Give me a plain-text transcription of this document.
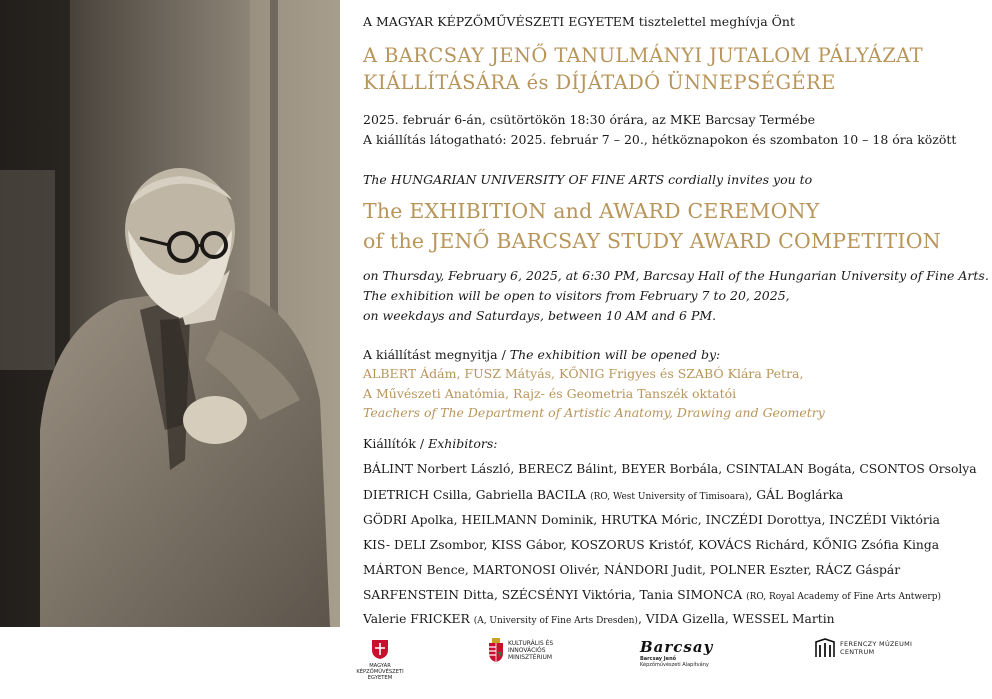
A MAGYAR KÉPZŐMŰVÉSZETI EGYETEM tisztelettel meghívja Önt
A BARCSAY JENŐ TANULMÁNYI JUTALOM PÁLYÁZAT
KIÁLLÍTÁSÁRA és DÍJÁTADÓ ÜNNEPSÉGÉRE
2025. február 6-án, csütörtökön 18:30 órára, az MKE Barcsay Termébe
A kiállítás látogatható: 2025. február 7 – 20., hétköznapokon és szombaton 10 – 18 óra között
The HUNGARIAN UNIVERSITY OF FINE ARTS cordially invites you to
The EXHIBITION and AWARD CEREMONY
of the JENŐ BARCSAY STUDY AWARD COMPETITION
on Thursday, February 6, 2025, at 6:30 PM, Barcsay Hall of the Hungarian University of Fine Arts.
The exhibition will be open to visitors from February 7 to 20, 2025,
on weekdays and Saturdays, between 10 AM and 6 PM.
A kiállítást megnyitja / The exhibition will be opened by:
ALBERT Ádám, FUSZ Mátyás, KŐNIG Frigyes és SZABÓ Klára Petra,
A Művészeti Anatómia, Rajz- és Geometria Tanszék oktatói
Teachers of The Department of Artistic Anatomy, Drawing and Geometry
Kiállítók / Exhibitors:
BÁLINT Norbert László, BERECZ Bálint, BEYER Borbála, CSINTALAN Bogáta, CSONTOS Orsolya
DIETRICH Csilla, Gabriella BACILA (RO, West University of Timisoara), GÁL Boglárka
GÖDRI Apolka, HEILMANN Dominik, HRUTKA Móric, INCZÉDI Dorottya, INCZÉDI Viktória
KIS- DELI Zsombor, KISS Gábor, KOSZORUS Kristóf, KOVÁCS Richárd, KŐNIG Zsófia Kinga
MÁRTON Bence, MARTONOSI Olivér, NÁNDORI Judit, POLNER Eszter, RÁCZ Gáspár
SARFENSTEIN Ditta, SZÉCSÉNYI Viktória, Tania SIMONCA (RO, Royal Academy of Fine Arts Antwerp)
Valerie FRICKER (A, University of Fine Arts Dresden), VIDA Gizella, WESSEL Martin
MAGYAR KÉPZŐMŰVÉSZETI EGYETEM
KULTURÁLIS ÉS INNOVÁCIÓS MINISZTÉRIUM
Barcsay
Barcsay Jenő
Képzőművészeti Alapítvány
FERENCZY MÚZEUMI
CENTRUM
